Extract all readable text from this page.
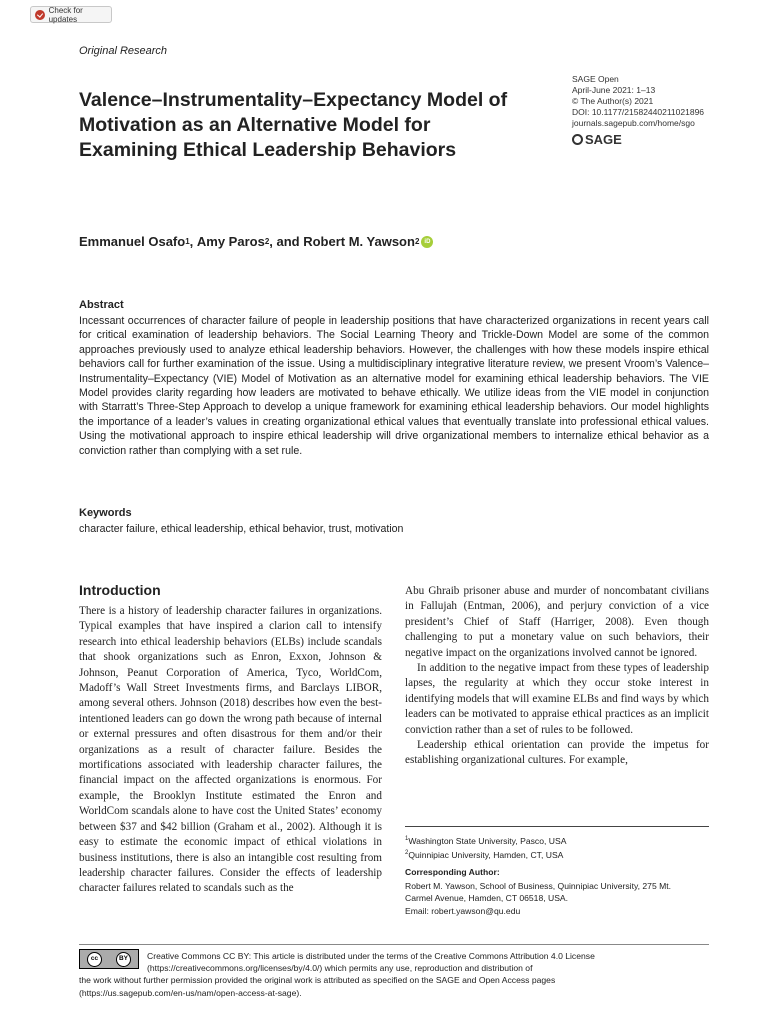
Check for updates
Original Research
Valence–Instrumentality–Expectancy Model of Motivation as an Alternative Model for Examining Ethical Leadership Behaviors
SAGE Open
April-June 2021: 1–13
© The Author(s) 2021
DOI: 10.1177/21582440211021896
journals.sagepub.com/home/sgo
SAGE
Emmanuel Osafo 1 , Amy Paros 2 , and Robert M. Yawson 2 iD
Abstract

Incessant occurrences of character failure of people in leadership positions that have characterized organizations in recent years call for critical examination of leadership behaviors. The Social Learning Theory and Trickle-Down Model are some of the common approaches previously used to analyze ethical leadership behaviors. However, the challenges with how these models inspire ethical behaviors call for further examination of the issue. Using a multidisciplinary integrative literature review, we present Vroom’s Valence–Instrumentality–Expectancy (VIE) Model of Motivation as an alternative model for examining ethical leadership behaviors. The VIE Model provides clarity regarding how leaders are motivated to behave ethically. We utilize ideas from the VIE model in conjunction with Starratt’s Three-Step Approach to develop a unique framework for examining ethical leadership behaviors. Our model highlights the importance of a leader’s values in creating organizational ethical values that eventually translate into professional ethical values. Using the motivational approach to inspire ethical leadership will drive organizational members to internalize ethical behavior as a conviction rather than complying with a set rule.

Keywords
character failure, ethical leadership, ethical behavior, trust, motivation
Introduction

There is a history of leadership character failures in organizations. Typical examples that have inspired a clarion call to intensify research into ethical leadership behaviors (ELBs) include scandals that shook organizations such as Enron, Exxon, Johnson & Johnson, Peanut Corporation of America, Tyco, WorldCom, Madoff’s Wall Street Investments firms, and Barclays LIBOR, among several others. Johnson (2018) describes how even the best-intentioned leaders can go down the wrong path because of internal or external pressures and often disastrous for them and/or their organizations as a result of character failure. Besides the mortifications associated with leadership character failures, the financial impact on the affected organizations is enormous. For example, the Brooklyn Institute estimated the Enron and WorldCom scandals alone to have cost the United States’ economy between $37 and $42 billion (Graham et al., 2002). Although it is easy to estimate the economic impact of ethical violations in business institutions, there is also an intangible cost resulting from leadership character failures. Consider the effects of leadership character failures related to scandals such as the

Abu Ghraib prisoner abuse and murder of noncombatant civilians in Fallujah (Entman, 2006), and perjury conviction of a vice president’s Chief of Staff (Harriger, 2008). Even though challenging to put a monetary value on such behaviors, their negative impact on the organizations involved cannot be ignored.

In addition to the negative impact from these types of leadership lapses, the regularity at which they occur stoke interest in identifying models that will examine ELBs and find ways by which leaders can be motivated to appraise ethical practices as an implicit conviction rather than a set of rules to be followed.

Leadership ethical orientation can provide the impetus for establishing organizational cultures. For example,

$^1$Washington State University, Pasco, USA
$^2$Quinnipiac University, Hamden, CT, USA
Corresponding Author:
Robert M. Yawson, School of Business, Quinnipiac University, 275 Mt.
Carmel Avenue, Hamden, CT 06518, USA.
Email: robert.yawson@qu.edu
cc	BY	Creative Commons CC BY: This article is distributed under the terms of the Creative Commons Attribution 4.0 License
(https://creativecommons.org/licenses/by/4.0/) which permits any use, reproduction and distribution of
the work without further permission provided the original work is attributed as specified on the SAGE and Open Access pages
(https://us.sagepub.com/en-us/nam/open-access-at-sage).
